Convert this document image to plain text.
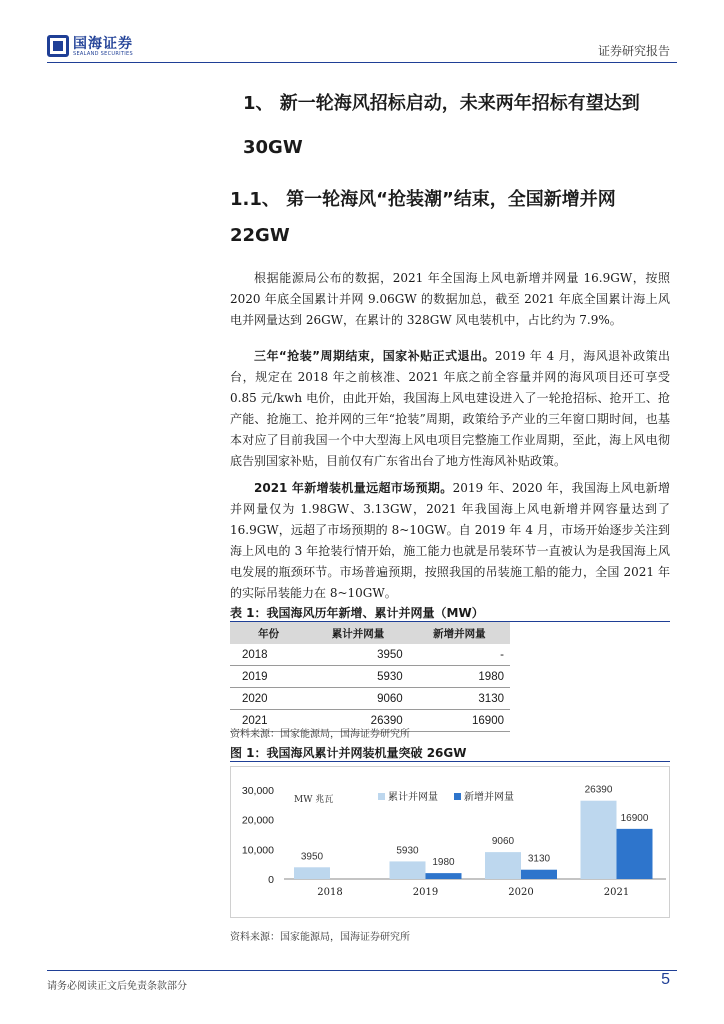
国海证券
SEALAND SECURITIES	证券研究报告
1、 新一轮海风招标启动，未来两年招标有望达到
30GW
1.1、 第一轮海风“抢装潮”结束，全国新增并网
22GW
根据能源局公布的数据，2021 年全国海上风电新增并网量 16.9GW，按照 2020 年底全国累计并网 9.06GW 的数据加总，截至 2021 年底全国累计海上风电并网量达到 26GW，在累计的 328GW 风电装机中，占比约为 7.9%。
三年“抢装”周期结束，国家补贴正式退出。2019 年 4 月，海风退补政策出台，规定在 2018 年之前核准、2021 年底之前全容量并网的海风项目还可享受 0.85 元/kwh 电价，由此开始，我国海上风电建设进入了一轮抢招标、抢开工、抢产能、抢施工、抢并网的三年“抢装”周期，政策给予产业的三年窗口期时间，也基本对应了目前我国一个中大型海上风电项目完整施工作业周期，至此，海上风电彻底告别国家补贴，目前仅有广东省出台了地方性海风补贴政策。
2021 年新增装机量远超市场预期。2019 年、2020 年，我国海上风电新增并网量仅为 1.98GW、3.13GW，2021 年我国海上风电新增并网容量达到了 16.9GW，远超了市场预期的 8~10GW。自 2019 年 4 月，市场开始逐步关注到海上风电的 3 年抢装行情开始，施工能力也就是吊装环节一直被认为是我国海上风电发展的瓶颈环节。市场普遍预期，按照我国的吊装施工船的能力，全国 2021 年的实际吊装能力在 8~10GW。
表 1：我国海风历年新增、累计并网量（MW）
年份	累计并网量	新增并网量
2018	3950	-
2019	5930	1980
2020	9060	3130
2021	26390	16900
资料来源：国家能源局，国海证券研究所
图 1：我国海风累计并网装机量突破 26GW
30,000
20,000
10,000
0
MW 兆瓦	累计并网量	新增并网量
3950
2018
5930
1980
2019
9060
3130
2020
26390
16900
2021
资料来源：国家能源局，国海证券研究所
请务必阅读正文后免责条款部分	5
